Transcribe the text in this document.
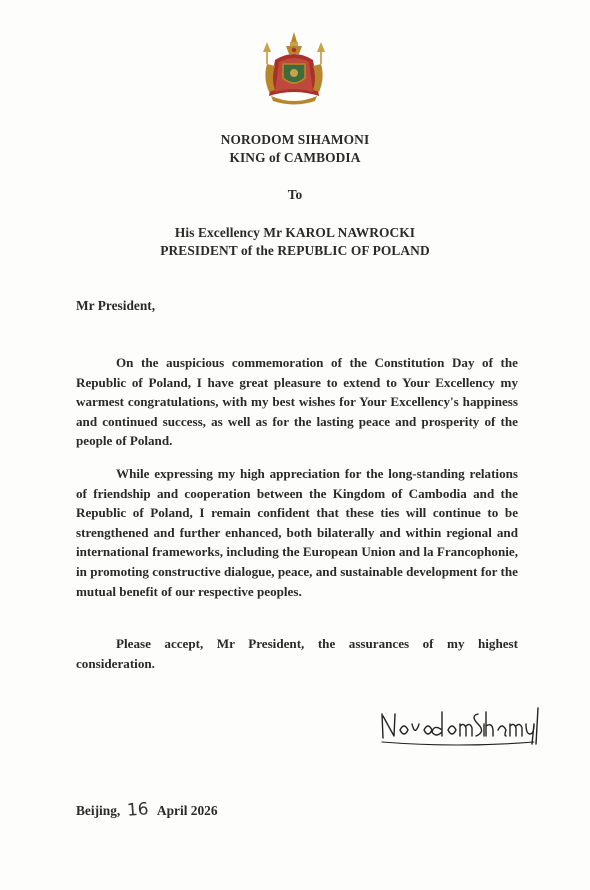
NORODOM SIHAMONI
KING of CAMBODIA
To
His Excellency Mr KAROL NAWROCKI
PRESIDENT of the REPUBLIC OF POLAND
Mr President,

On the auspicious commemoration of the Constitution Day of the Republic of Poland, I have great pleasure to extend to Your Excellency my warmest congratulations, with my best wishes for Your Excellency's happiness and continued success, as well as for the lasting peace and prosperity of the people of Poland.

While expressing my high appreciation for the long-standing relations of friendship and cooperation between the Kingdom of Cambodia and the Republic of Poland, I remain confident that these ties will continue to be strengthened and further enhanced, both bilaterally and within regional and international frameworks, including the European Union and la Francophonie, in promoting constructive dialogue, peace, and sustainable development for the mutual benefit of our respective peoples.

Please accept, Mr President, the assurances of my highest consideration.

Beijing, 16 April 2026
